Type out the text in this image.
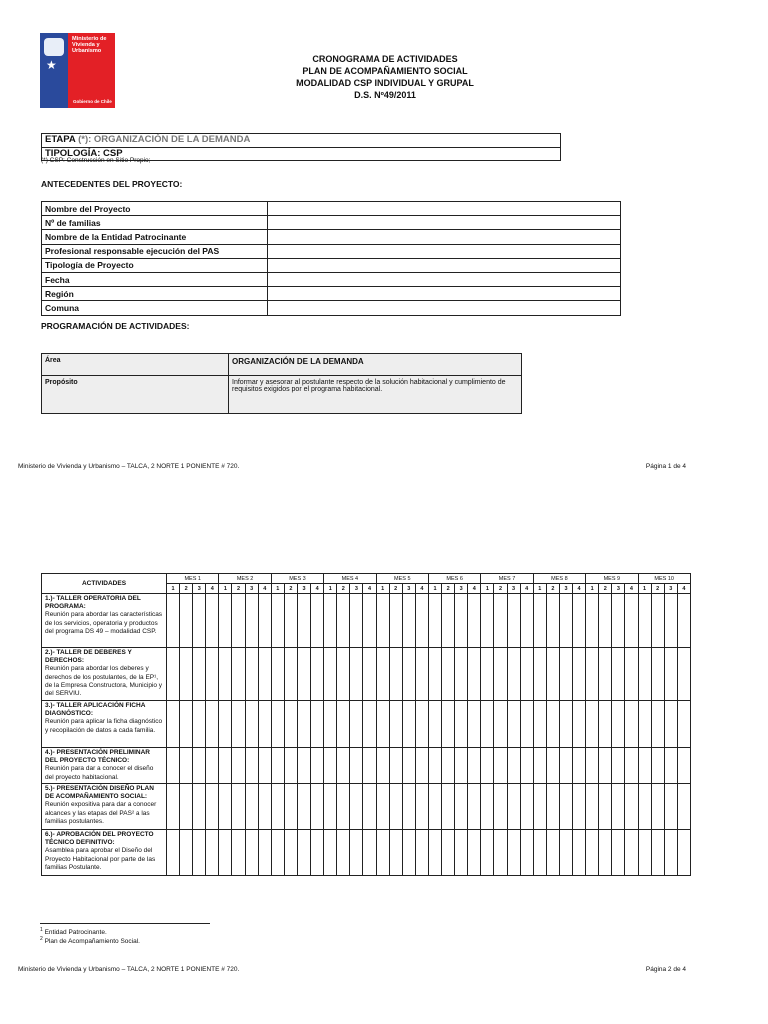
★
Ministerio de
Vivienda y
Urbanismo
Gobierno de Chile
CRONOGRAMA DE ACTIVIDADES
PLAN DE ACOMPAÑAMIENTO SOCIAL
MODALIDAD CSP INDIVIDUAL Y GRUPAL
D.S. Nº49/2011
ETAPA (*): ORGANIZACIÓN DE LA DEMANDA
TIPOLOGÍA: CSP
(*) CSP: Construcción en Sitio Propio;
ANTECEDENTES DEL PROYECTO:
Nombre del Proyecto	
Nº de familias	
Nombre de la Entidad Patrocinante	
Profesional responsable ejecución del PAS	
Tipología de Proyecto	
Fecha	
Región	
Comuna	
PROGRAMACIÓN DE ACTIVIDADES:
Área	ORGANIZACIÓN DE LA DEMANDA
Propósito	Informar y asesorar al postulante respecto de la solución habitacional y cumplimiento de requisitos exigidos por el programa habitacional.
Ministerio de Vivienda y Urbanismo – TALCA, 2 NORTE 1 PONIENTE # 720.	Página 1 de 4
ACTIVIDADES	MES 1				MES 2				MES 3				MES 4				MES 5				MES 6				MES 7				MES 8				MES 9				MES 10			
	1	2	3	4	1	2	3	4	1	2	3	4	1	2	3	4	1	2	3	4	1	2	3	4	1	2	3	4	1	2	3	4	1	2	3	4	1	2	3	4

1.)- TALLER OPERATORIA DEL PROGRAMA:
Reunión para abordar las características de los servicios, operatoria y productos del programa DS 49 – modalidad CSP.																																								

2.)- TALLER DE DEBERES Y DERECHOS:
Reunión para abordar los deberes y derechos de los postulantes, de la EP¹, de la Empresa Constructora, Municipio y del SERVIU.																																								

3.)- TALLER APLICACIÓN FICHA DIAGNÓSTICO:
Reunión para aplicar la ficha diagnóstico y recopilación de datos a cada familia.																																								

4.)- PRESENTACIÓN PRELIMINAR DEL PROYECTO TÉCNICO:
Reunión para dar a conocer el diseño del proyecto habitacional.																																								

5.)- PRESENTACIÓN DISEÑO PLAN DE ACOMPAÑAMIENTO SOCIAL:
Reunión expositiva para dar a conocer alcances y las etapas del PAS² a las familias postulantes.																																								

6.)- APROBACIÓN DEL PROYECTO TÉCNICO DEFINITIVO:
Asamblea para aprobar el Diseño del Proyecto Habitacional por parte de las familias Postulante.																																								

$^1$ Entidad Patrocinante.
$^2$ Plan de Acompañamiento Social.
Ministerio de Vivienda y Urbanismo – TALCA, 2 NORTE 1 PONIENTE # 720.	Página 2 de 4
